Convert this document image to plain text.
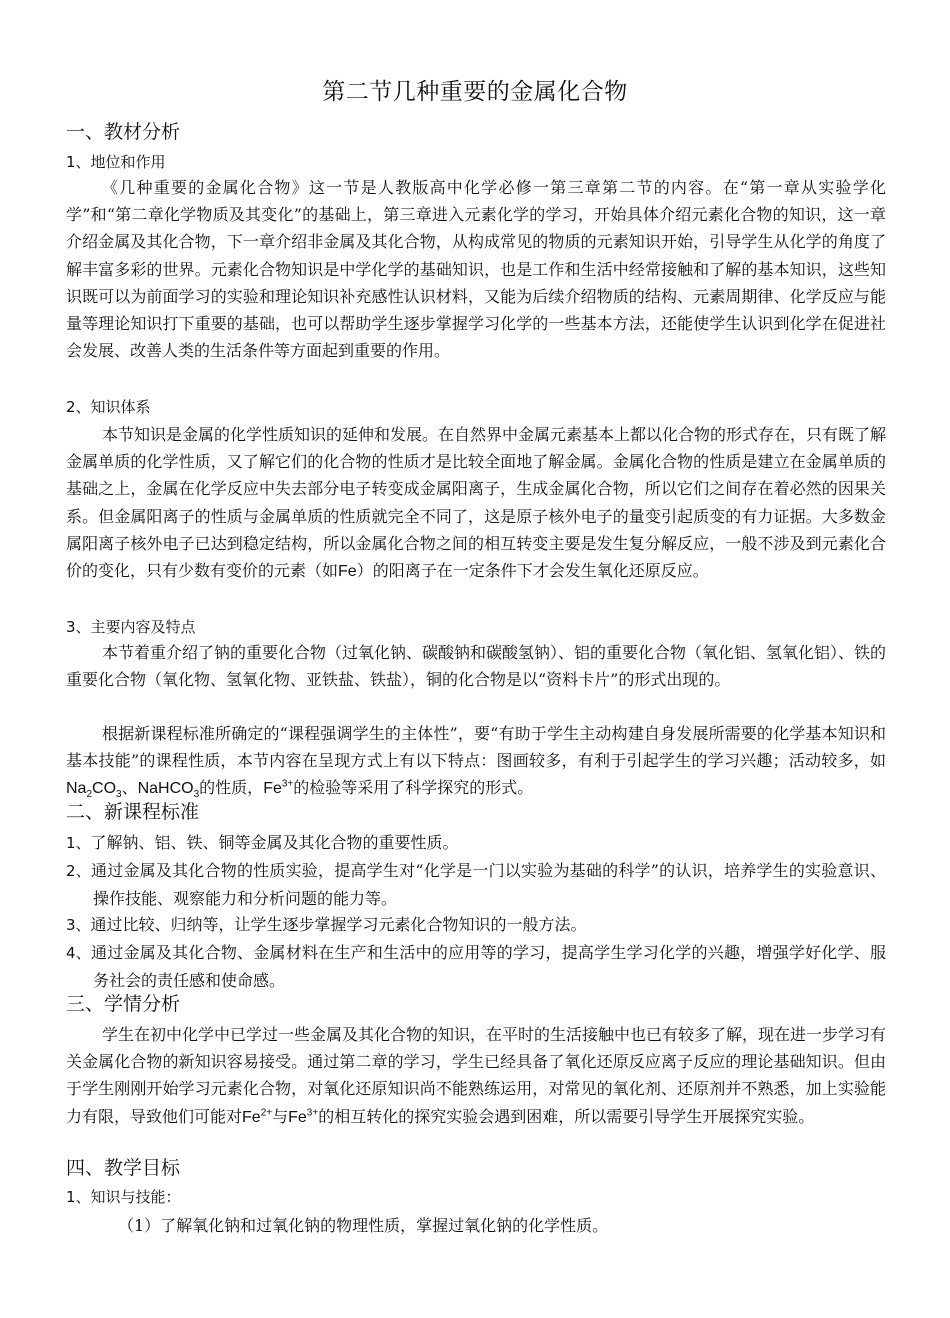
第二节几种重要的金属化合物
一、教材分析
1、地位和作用

《几种重要的金属化合物》这一节是人教版高中化学必修一第三章第二节的内容。在“第一章从实验学化学”和“第二章化学物质及其变化”的基础上，第三章进入元素化学的学习，开始具体介绍元素化合物的知识，这一章介绍金属及其化合物，下一章介绍非金属及其化合物，从构成常见的物质的元素知识开始，引导学生从化学的角度了解丰富多彩的世界。元素化合物知识是中学化学的基础知识，也是工作和生活中经常接触和了解的基本知识，这些知识既可以为前面学习的实验和理论知识补充感性认识材料，又能为后续介绍物质的结构、元素周期律、化学反应与能量等理论知识打下重要的基础，也可以帮助学生逐步掌握学习化学的一些基本方法，还能使学生认识到化学在促进社会发展、改善人类的生活条件等方面起到重要的作用。

2、知识体系

本节知识是金属的化学性质知识的延伸和发展。在自然界中金属元素基本上都以化合物的形式存在，只有既了解金属单质的化学性质，又了解它们的化合物的性质才是比较全面地了解金属。金属化合物的性质是建立在金属单质的基础之上，金属在化学反应中失去部分电子转变成金属阳离子，生成金属化合物，所以它们之间存在着必然的因果关系。但金属阳离子的性质与金属单质的性质就完全不同了，这是原子核外电子的量变引起质变的有力证据。大多数金属阳离子核外电子已达到稳定结构，所以金属化合物之间的相互转变主要是发生复分解反应，一般不涉及到元素化合价的变化，只有少数有变价的元素（如Fe）的阳离子在一定条件下才会发生氧化还原反应。

3、主要内容及特点

本节着重介绍了钠的重要化合物（过氧化钠、碳酸钠和碳酸氢钠）、铝的重要化合物（氧化铝、氢氧化铝）、铁的重要化合物（氧化物、氢氧化物、亚铁盐、铁盐），铜的化合物是以“资料卡片”的形式出现的。

根据新课程标准所确定的“课程强调学生的主体性”，要“有助于学生主动构建自身发展所需要的化学基本知识和基本技能”的课程性质，本节内容在呈现方式上有以下特点：图画较多，有利于引起学生的学习兴趣；活动较多，如$Na_2CO_3$、NaHCO$_3$的性质，$Fe^{3+}$的检验等采用了科学探究的形式。

二、新课程标准
1、了解钠、铝、铁、铜等金属及其化合物的重要性质。
2、通过金属及其化合物的性质实验，提高学生对“化学是一门以实验为基础的科学”的认识，培养学生的实验意识、操作技能、观察能力和分析问题的能力等。
3、通过比较、归纳等，让学生逐步掌握学习元素化合物知识的一般方法。
4、通过金属及其化合物、金属材料在生产和生活中的应用等的学习，提高学生学习化学的兴趣，增强学好化学、服务社会的责任感和使命感。
三、学情分析

学生在初中化学中已学过一些金属及其化合物的知识，在平时的生活接触中也已有较多了解，现在进一步学习有关金属化合物的新知识容易接受。通过第二章的学习，学生已经具备了氧化还原反应离子反应的理论基础知识。但由于学生刚刚开始学习元素化合物，对氧化还原知识尚不能熟练运用，对常见的氧化剂、还原剂并不熟悉，加上实验能力有限，导致他们可能对$Fe^{2+}$与$Fe^{3+}$的相互转化的探究实验会遇到困难，所以需要引导学生开展探究实验。

四、教学目标
1、知识与技能：
（1）了解氧化钠和过氧化钠的物理性质，掌握过氧化钠的化学性质。
